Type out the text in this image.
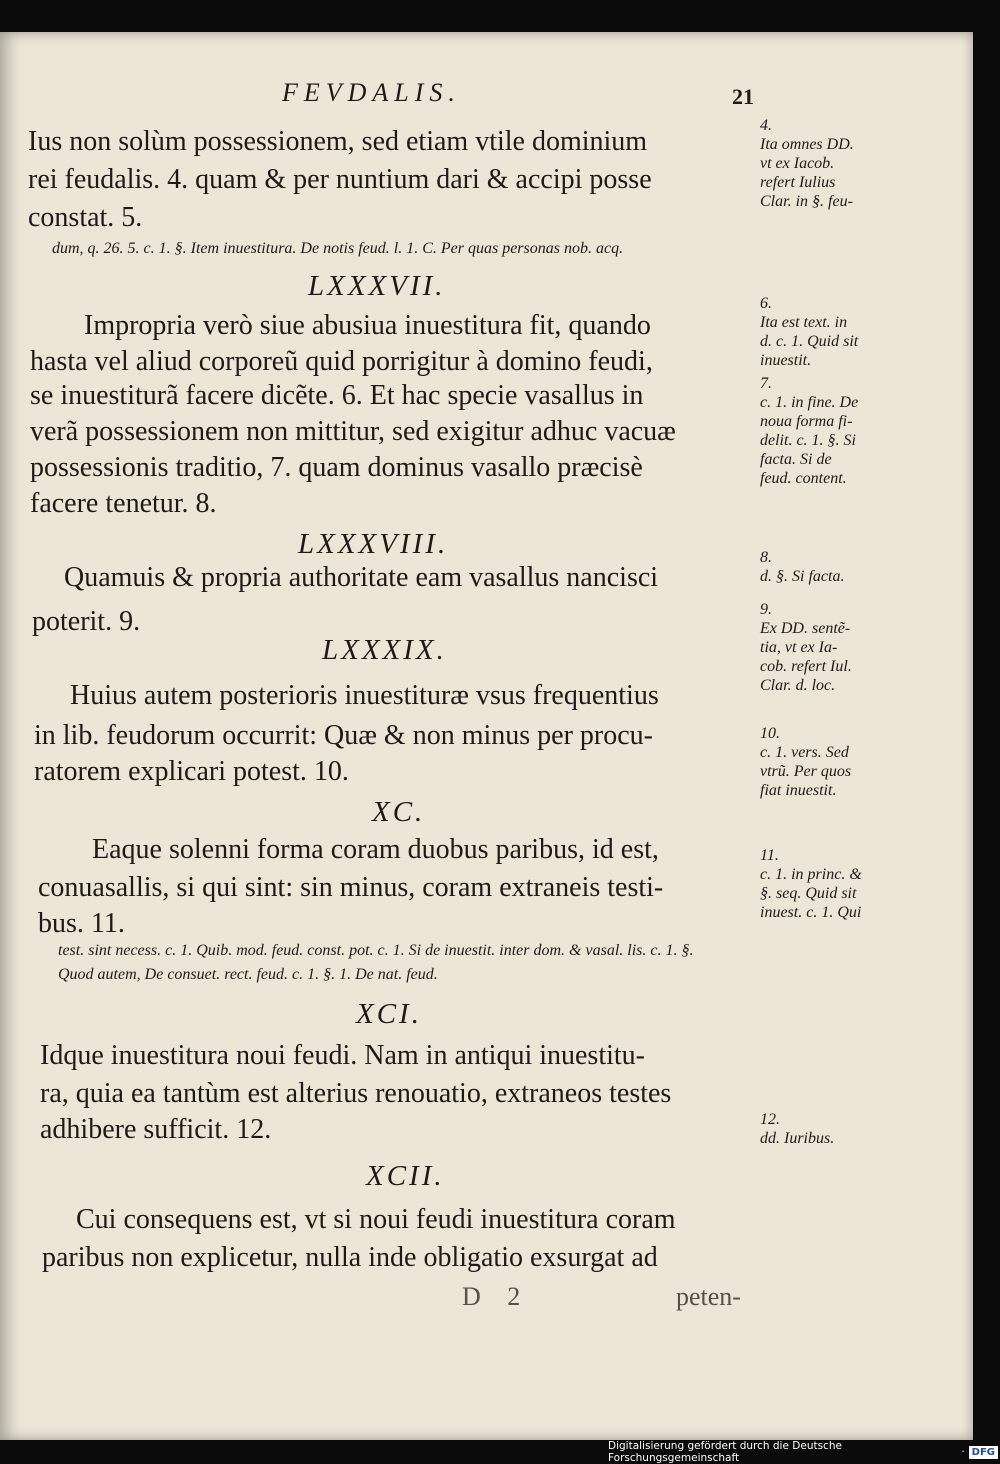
FEVDALIS.	21
Ius non solùm possessionem, sed etiam vtile dominium
rei feudalis. 4. quam & per nuntium dari & accipi posse
constat. 5.
dum, q. 26. 5. c. 1. §. Item inuestitura. De notis feud. l. 1. C. Per quas personas nob. acq.
LXXXVII.
Impropria verò siue abusiua inuestitura fit, quando
hasta vel aliud corporeũ quid porrigitur à domino feudi,
se inuestiturã facere dicẽte. 6. Et hac specie vasallus in
verã possessionem non mittitur, sed exigitur adhuc vacuæ
possessionis traditio, 7. quam dominus vasallo præcisè
facere tenetur. 8.
LXXXVIII.
Quamuis & propria authoritate eam vasallus nancisci
poterit. 9.
LXXXIX.
Huius autem posterioris inuestituræ vsus frequentius
in lib. feudorum occurrit: Quæ & non minus per procu-
ratorem explicari potest. 10.
XC.
Eaque solenni forma coram duobus paribus, id est,
conuasallis, si qui sint: sin minus, coram extraneis testi-
bus. 11.
test. sint necess. c. 1. Quib. mod. feud. const. pot. c. 1. Si de inuestit. inter dom. & vasal. lis. c. 1. §.
Quod autem, De consuet. rect. feud. c. 1. §. 1. De nat. feud.
XCI.
Idque inuestitura noui feudi. Nam in antiqui inuestitu-
ra, quia ea tantùm est alterius renouatio, extraneos testes
adhibere sufficit. 12.
XCII.
Cui consequens est, vt si noui feudi inuestitura coram
paribus non explicetur, nulla inde obligatio exsurgat ad
D 2	peten-
4.
Ita omnes DD.
vt ex Iacob.
refert Iulius
Clar. in §. feu-
6.
Ita est text. in
d. c. 1. Quid sit
inuestit.
7.
c. 1. in fine. De
noua forma fi-
delit. c. 1. §. Si
facta. Si de
feud. content.
8.
d. §. Si facta.
9.
Ex DD. sentẽ-
tia, vt ex Ia-
cob. refert Iul.
Clar. d. loc.
10.
c. 1. vers. Sed
vtrũ. Per quos
fiat inuestit.
11.
c. 1. in princ. &
§. seq. Quid sit
inuest. c. 1. Qui
12.
dd. Iuribus.
Digitalisierung gefördert durch die Deutsche Forschungsgemeinschaft	· DFG
